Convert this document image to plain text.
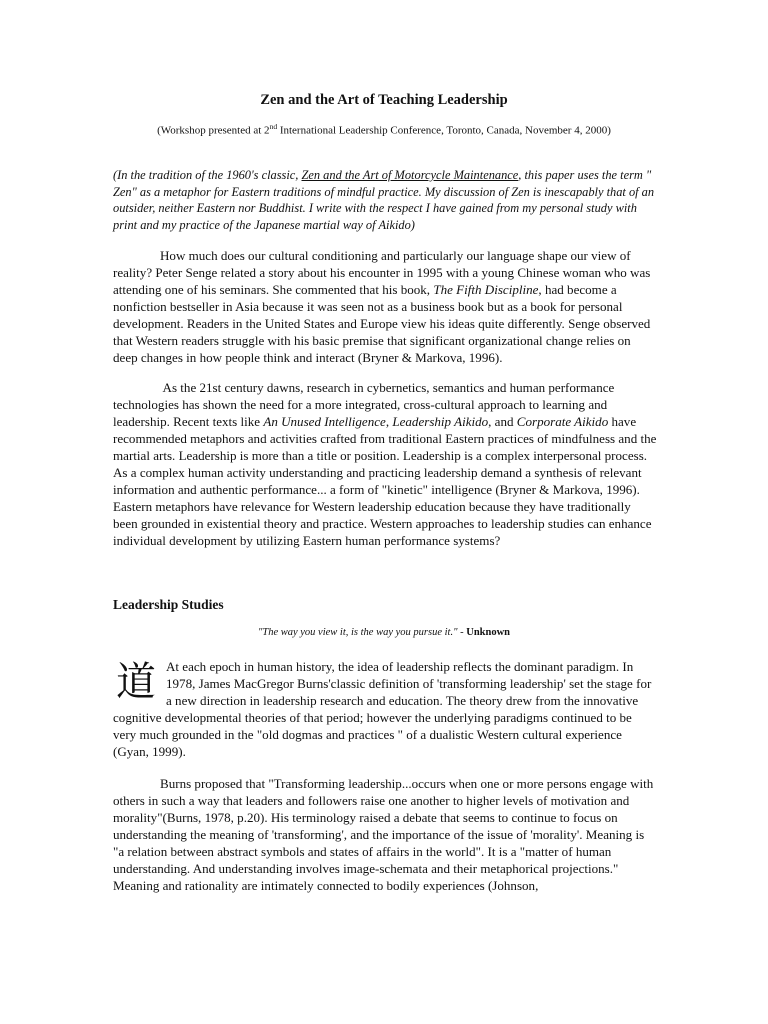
Zen and the Art of Teaching Leadership
(Workshop presented at 2nd International Leadership Conference, Toronto, Canada, November 4, 2000)
(In the tradition of the 1960's classic, Zen and the Art of Motorcycle Maintenance, this paper uses the term " Zen" as a metaphor for Eastern traditions of mindful practice. My discussion of Zen is inescapably that of an outsider, neither Eastern nor Buddhist. I write with the respect I have gained from my personal study with print and my practice of the Japanese martial way of Aikido)
How much does our cultural conditioning and particularly our language shape our view of reality? Peter Senge related a story about his encounter in 1995 with a young Chinese woman who was attending one of his seminars. She commented that his book, The Fifth Discipline, had become a nonfiction bestseller in Asia because it was seen not as a business book but as a book for personal development. Readers in the United States and Europe view his ideas quite differently. Senge observed that Western readers struggle with his basic premise that significant organizational change relies on deep changes in how people think and interact (Bryner & Markova, 1996).
As the 21st century dawns, research in cybernetics, semantics and human performance technologies has shown the need for a more integrated, cross-cultural approach to learning and leadership. Recent texts like An Unused Intelligence, Leadership Aikido, and Corporate Aikido have recommended metaphors and activities crafted from traditional Eastern practices of mindfulness and the martial arts. Leadership is more than a title or position. Leadership is a complex interpersonal process. As a complex human activity understanding and practicing leadership demand a synthesis of relevant information and authentic performance... a form of "kinetic" intelligence (Bryner & Markova, 1996). Eastern metaphors have relevance for Western leadership education because they have traditionally been grounded in existential theory and practice. Western approaches to leadership studies can enhance individual development by utilizing Eastern human performance systems?
Leadership Studies
"The way you view it, is the way you pursue it." - Unknown
道 At each epoch in human history, the idea of leadership reflects the dominant paradigm. In 1978, James MacGregor Burns'classic definition of 'transforming leadership' set the stage for a new direction in leadership research and education. The theory drew from the innovative cognitive developmental theories of that period; however the underlying paradigms continued to be very much grounded in the "old dogmas and practices " of a dualistic Western cultural experience (Gyan, 1999).
Burns proposed that "Transforming leadership...occurs when one or more persons engage with others in such a way that leaders and followers raise one another to higher levels of motivation and morality"(Burns, 1978, p.20). His terminology raised a debate that seems to continue to focus on understanding the meaning of 'transforming', and the importance of the issue of 'morality'. Meaning is "a relation between abstract symbols and states of affairs in the world". It is a "matter of human understanding. And understanding involves image-schemata and their metaphorical projections." Meaning and rationality are intimately connected to bodily experiences (Johnson,
